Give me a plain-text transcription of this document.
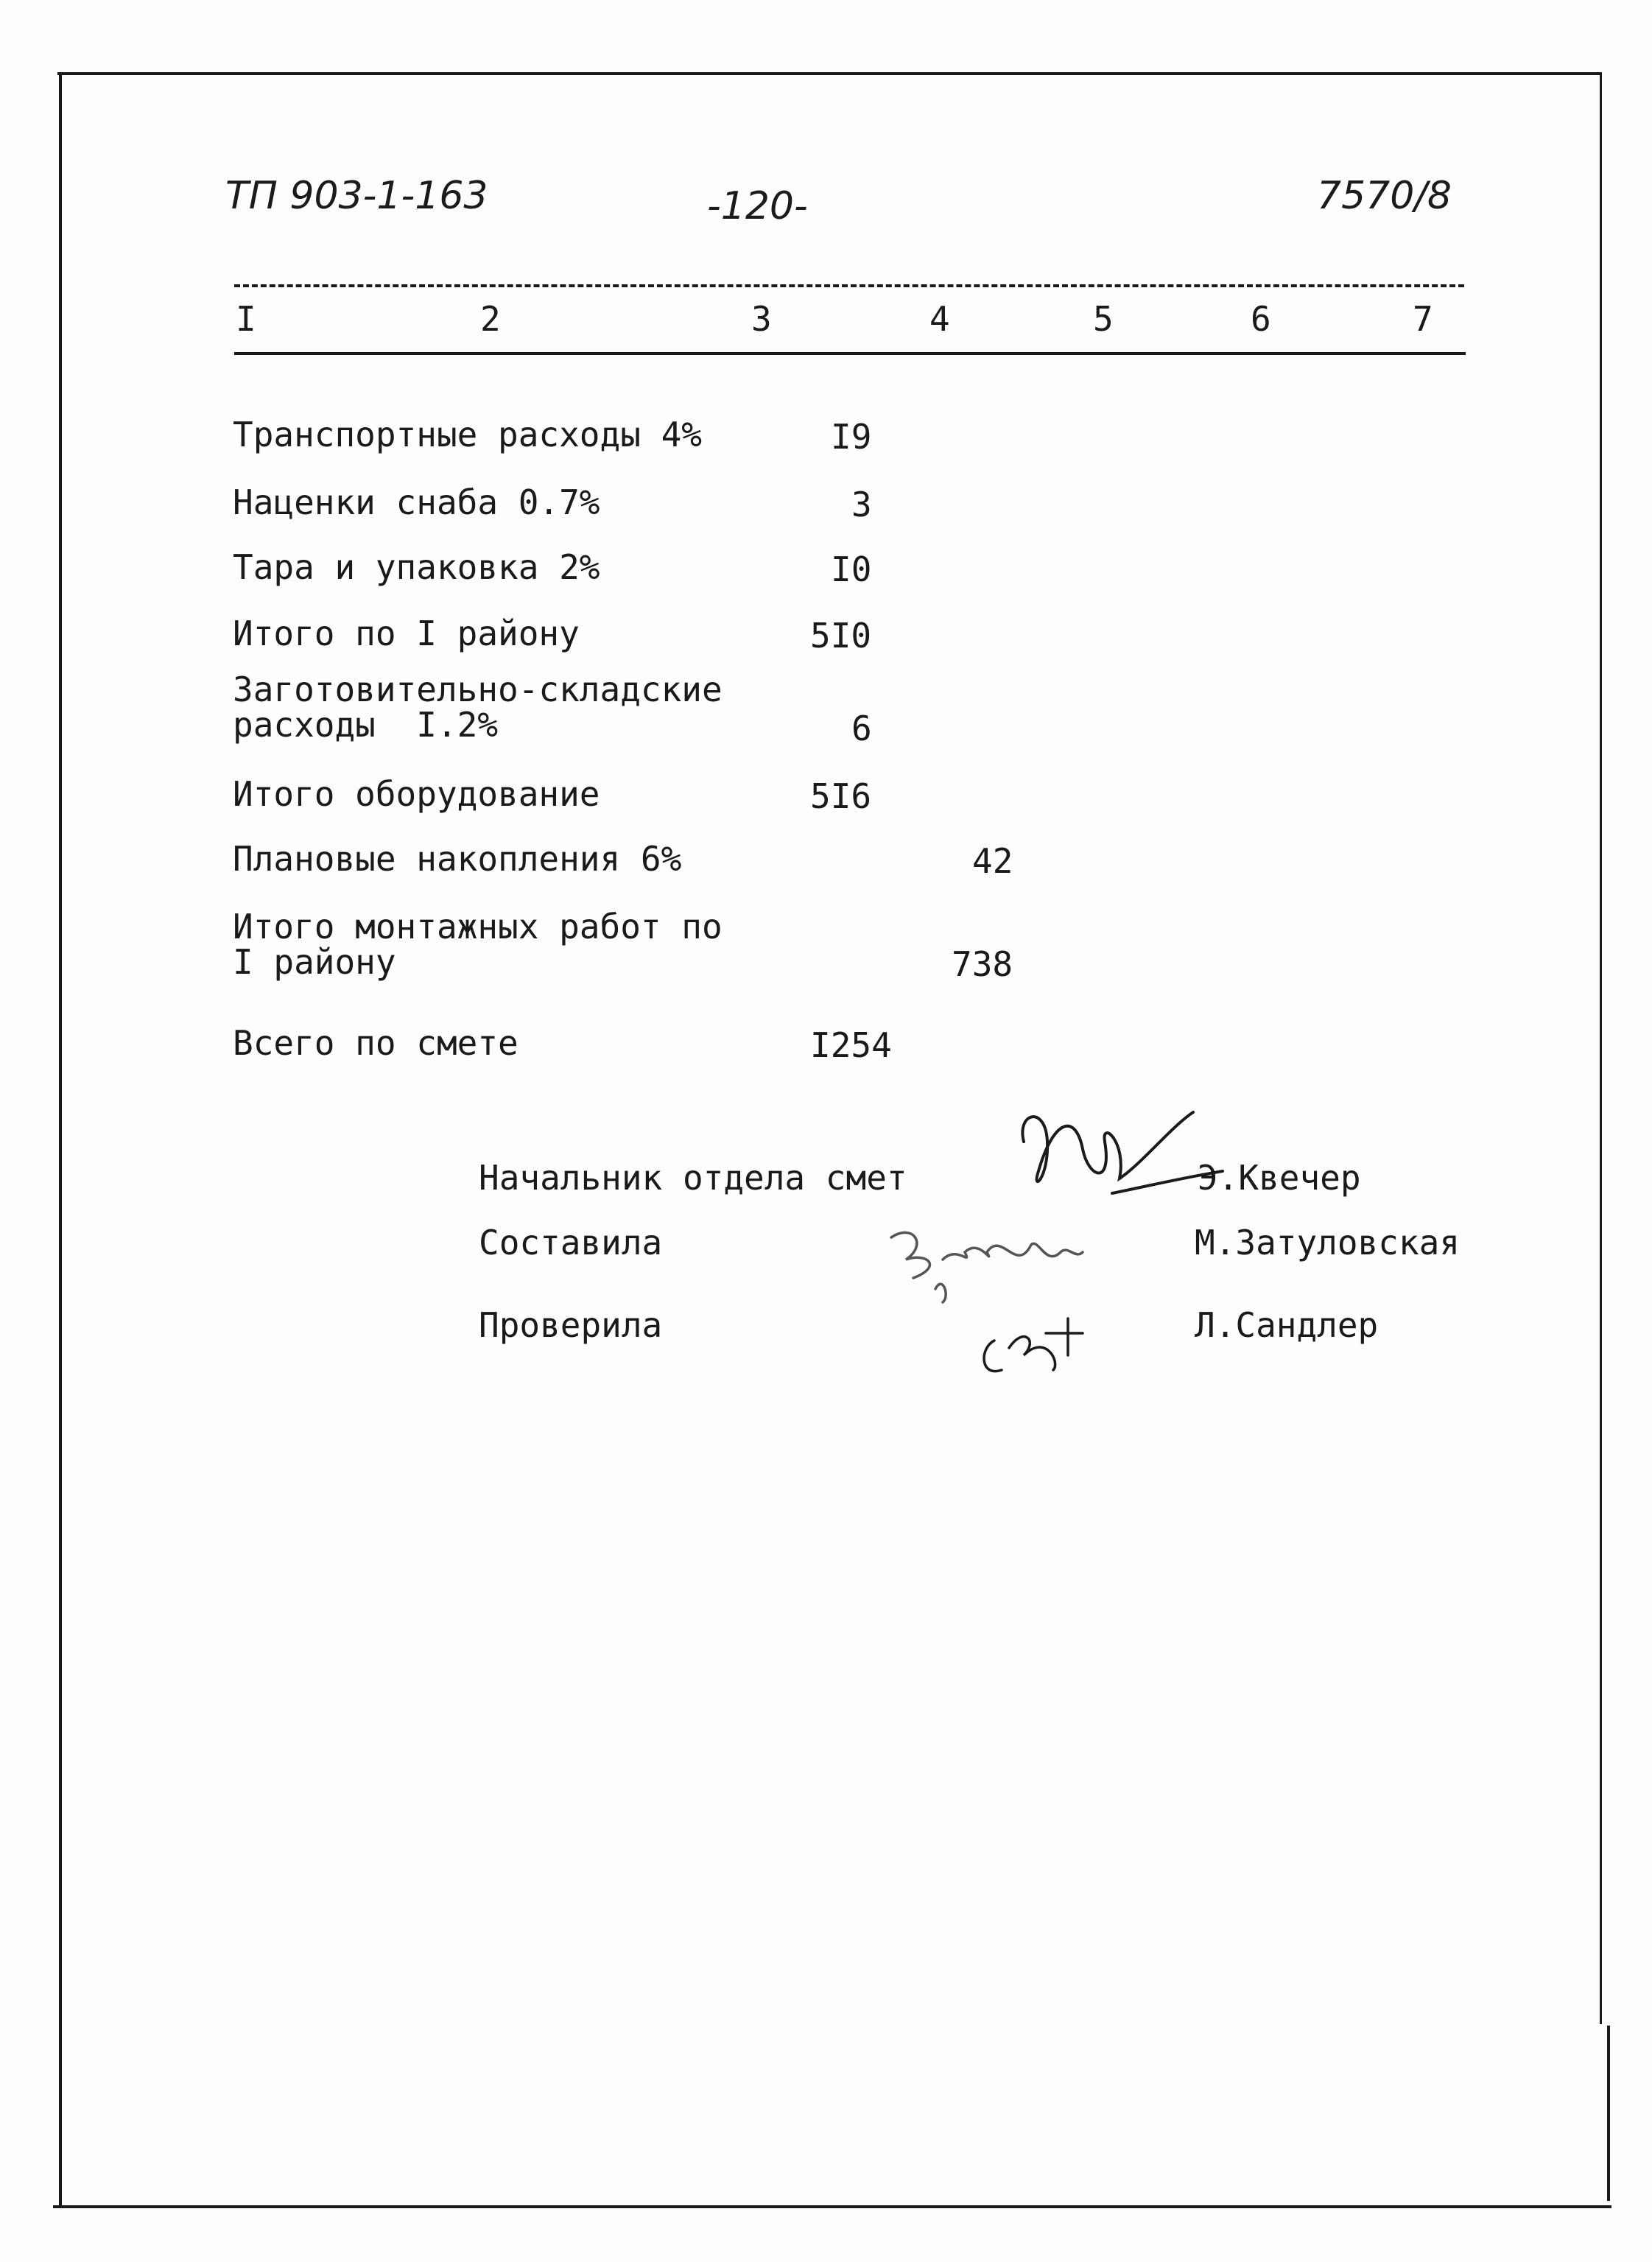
ТП 903-1-163	-120-	7570/8
I	2	3	4	5	6	7
Транспортные расходы 4%	I9
Наценки снаба 0.7%	3
Тара и упаковка 2%	I0
Итого по I району	5I0
Заготовительно-складские
расходы  I.2%	6
Итого оборудование	5I6
Плановые накопления 6%	42
Итого монтажных работ по
I району	738
Всего по смете	I254
Начальник отдела смет	Э.Квечер
Составила	М.Затуловская
Проверила	Л.Сандлер
